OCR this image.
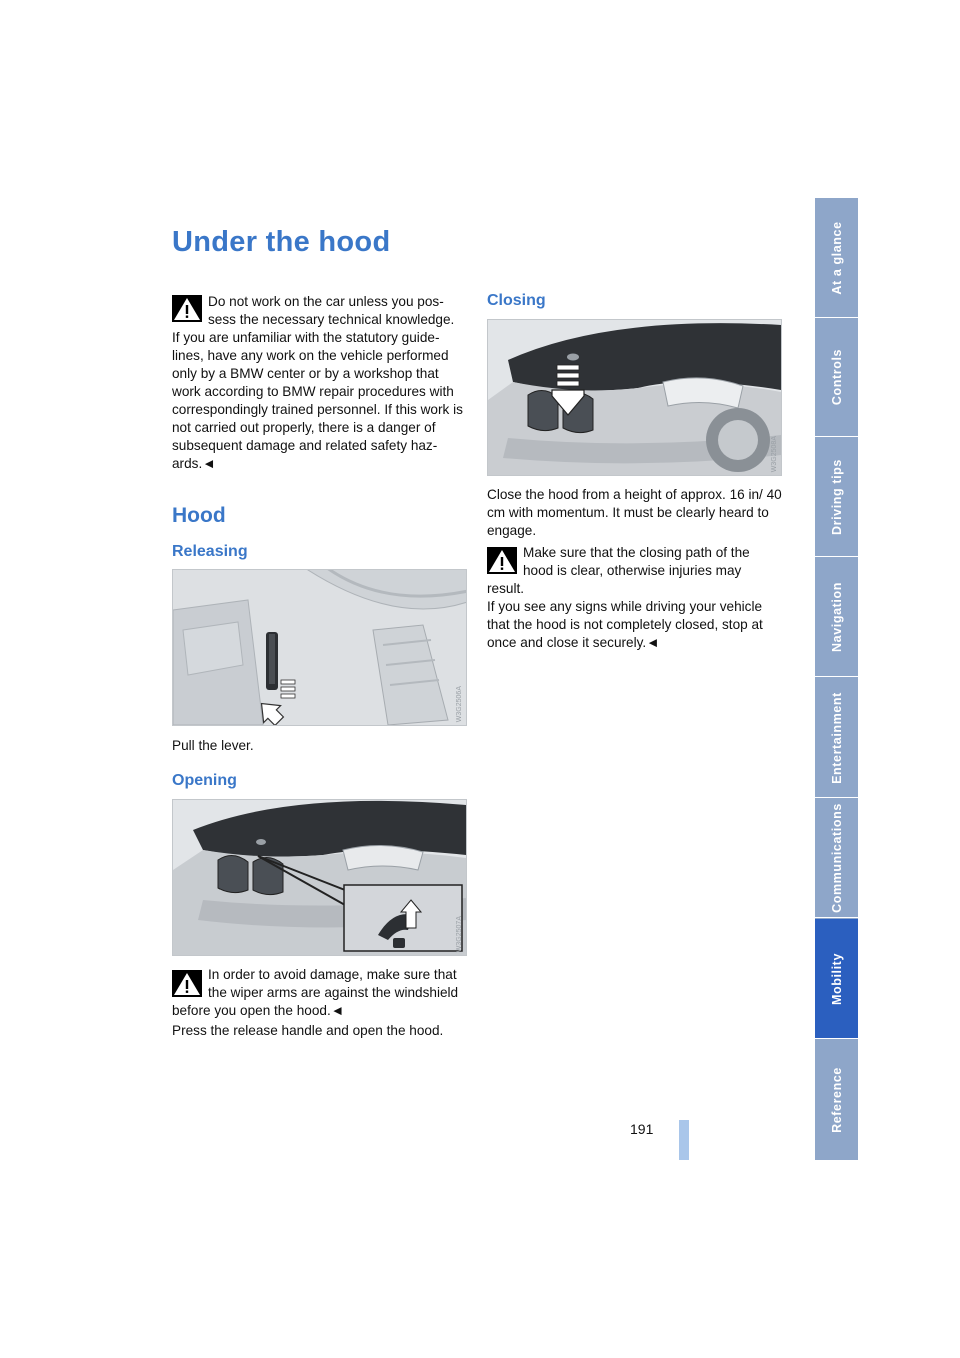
Under the hood

Do not work on the car unless you pos-
sess the necessary technical knowledge.
If you are unfamiliar with the statutory guide-lines, have any work on the vehicle performed only by a BMW center or by a workshop that work according to BMW repair procedures with correspondingly trained personnel. If this work is not carried out properly, there is a danger of subsequent damage and related safety haz-ards.◄

Hood
Releasing
W3G2506A

Pull the lever.

Opening
W3G2507A

In order to avoid damage, make sure that
the wiper arms are against the windshield
before you open the hood.◄

Press the release handle and open the hood.

Closing
W3G2508A

Close the hood from a height of approx. 16 in/ 40 cm with momentum. It must be clearly heard to engage.

Make sure that the closing path of the
hood is clear, otherwise injuries may
result.

If you see any signs while driving your vehicle that the hood is not completely closed, stop at once and close it securely.◄

At a glance
Controls
Driving tips
Navigation
Entertainment
Communications
Mobility
Reference
191
